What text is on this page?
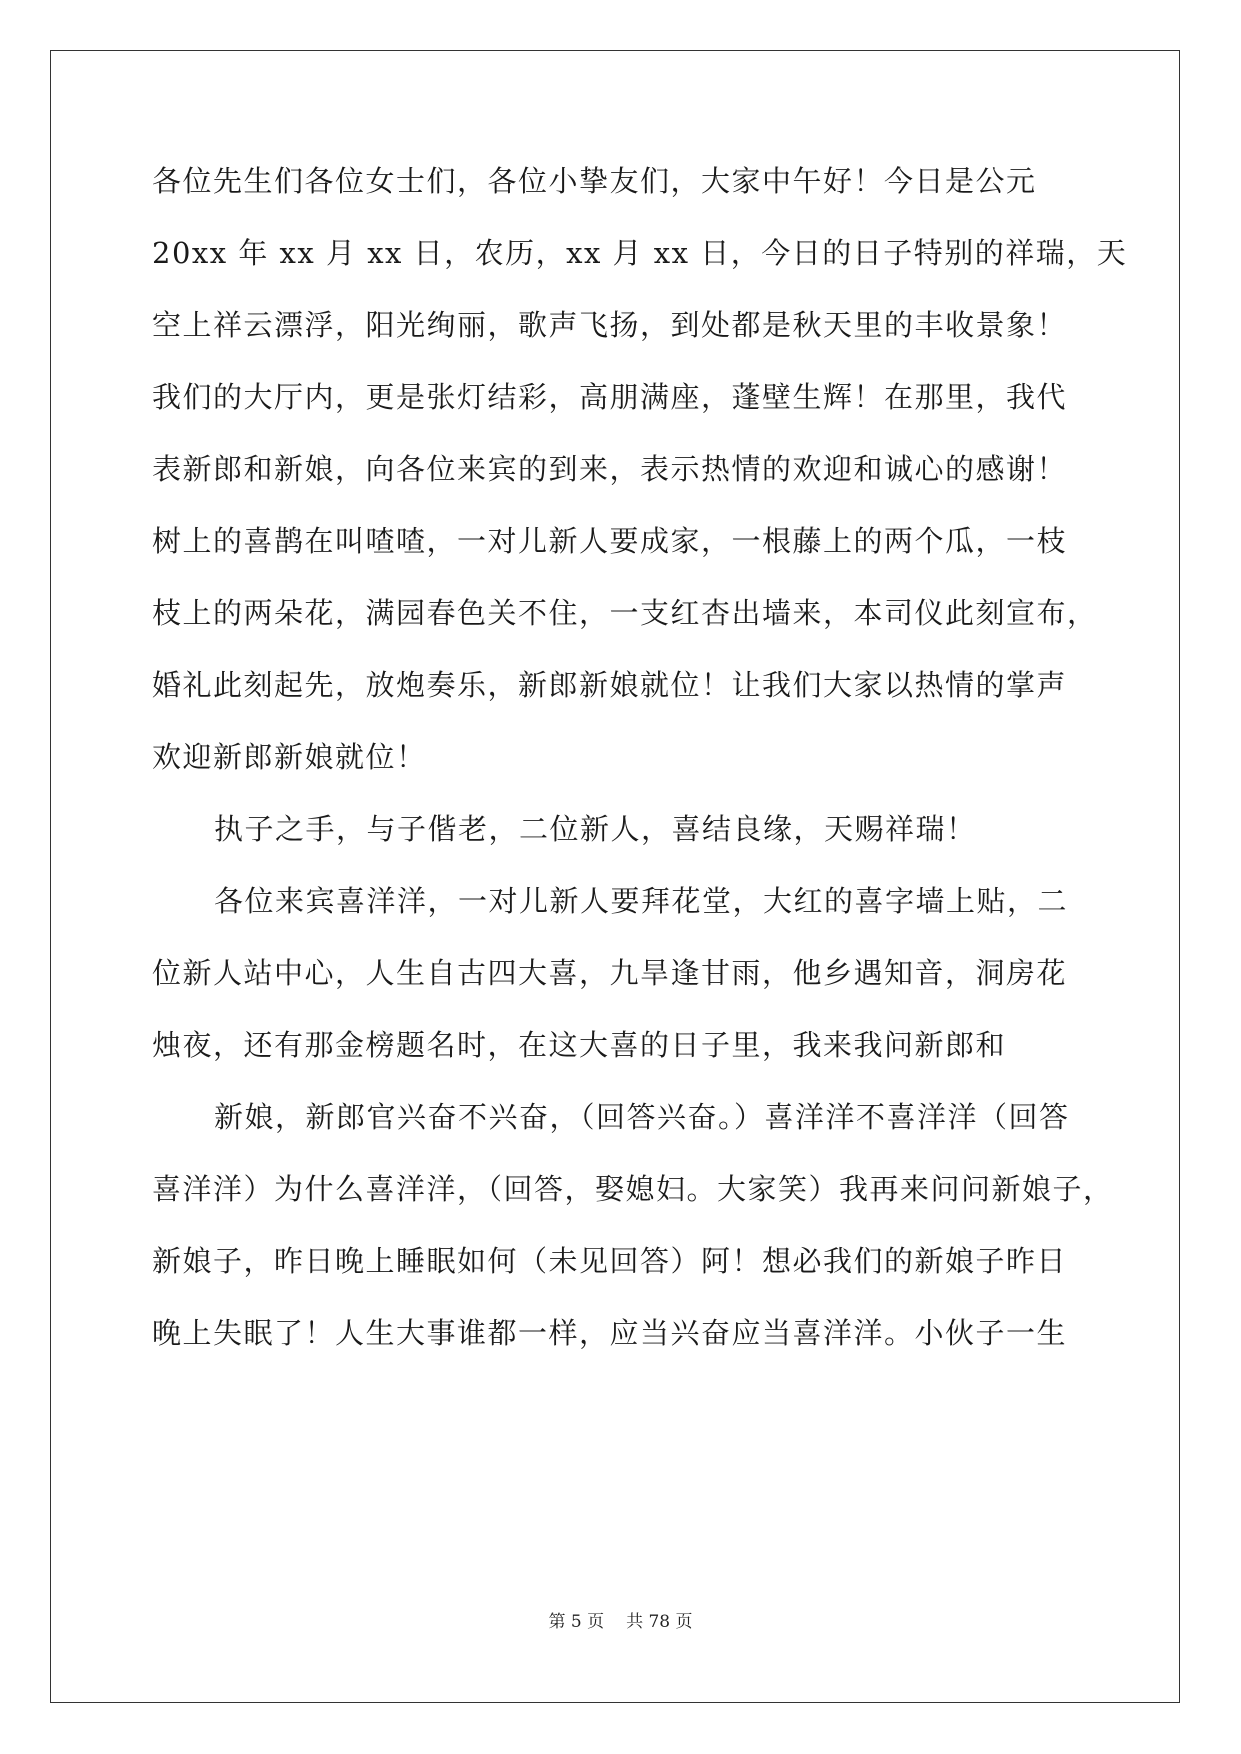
各位先生们各位女士们，各位小挚友们，大家中午好！今日是公元
20xx 年 xx 月 xx 日，农历，xx 月 xx 日，今日的日子特别的祥瑞，天
空上祥云漂浮，阳光绚丽，歌声飞扬，到处都是秋天里的丰收景象！
我们的大厅内，更是张灯结彩，高朋满座，蓬壁生辉！在那里，我代
表新郎和新娘，向各位来宾的到来，表示热情的欢迎和诚心的感谢！
树上的喜鹊在叫喳喳，一对儿新人要成家，一根藤上的两个瓜，一枝
枝上的两朵花，满园春色关不住，一支红杏出墙来，本司仪此刻宣布，
婚礼此刻起先，放炮奏乐，新郎新娘就位！让我们大家以热情的掌声
欢迎新郎新娘就位！
执子之手，与子偕老，二位新人，喜结良缘，天赐祥瑞！
各位来宾喜洋洋，一对儿新人要拜花堂，大红的喜字墙上贴，二
位新人站中心，人生自古四大喜，九旱逢甘雨，他乡遇知音，洞房花
烛夜，还有那金榜题名时，在这大喜的日子里，我来我问新郎和
新娘，新郎官兴奋不兴奋，（回答兴奋。）喜洋洋不喜洋洋（回答
喜洋洋）为什么喜洋洋，（回答，娶媳妇。大家笑）我再来问问新娘子，
新娘子，昨日晚上睡眠如何（未见回答）阿！想必我们的新娘子昨日
晚上失眠了！人生大事谁都一样，应当兴奋应当喜洋洋。小伙子一生
第 5 页 共 78 页
